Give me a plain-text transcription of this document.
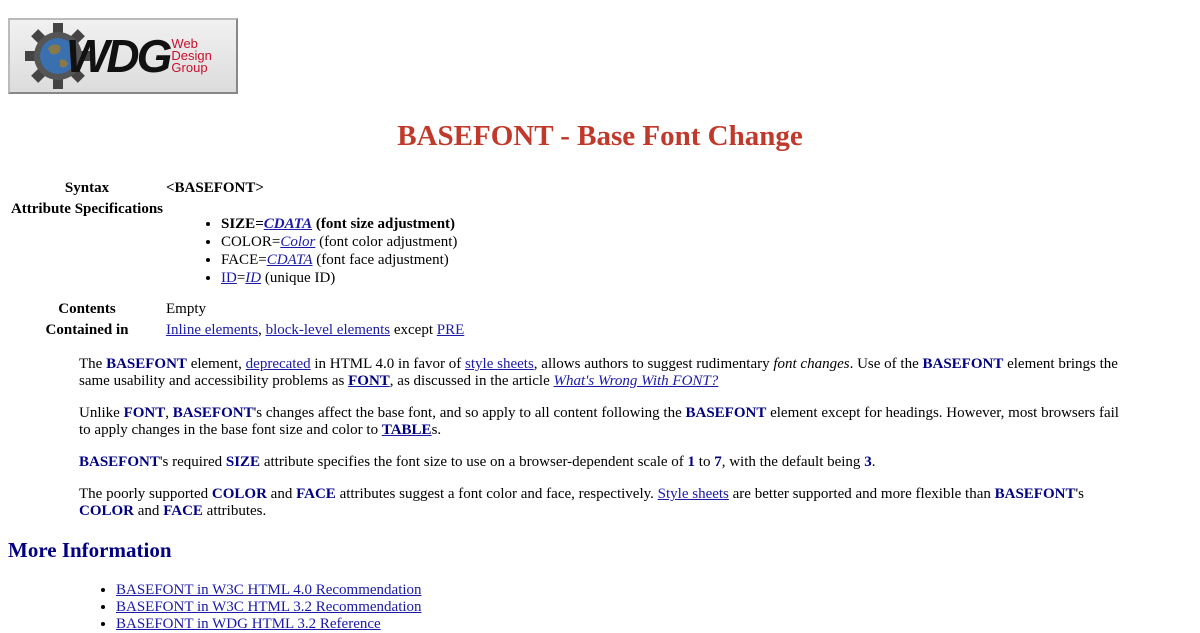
WDG Web
Design
Group
BASEFONT - Base Font Change
Syntax	<BASEFONT>
Attribute Specifications
• SIZE=CDATA (font size adjustment)
• COLOR=Color (font color adjustment)
• FACE=CDATA (font face adjustment)
• ID=ID (unique ID)
Contents	Empty
Contained in	Inline elements, block-level elements except PRE

The BASEFONT element, deprecated in HTML 4.0 in favor of style sheets, allows authors to suggest rudimentary font changes. Use of the BASEFONT element brings the same usability and accessibility problems as FONT, as discussed in the article What's Wrong With FONT?

Unlike FONT, BASEFONT's changes affect the base font, and so apply to all content following the BASEFONT element except for headings. However, most browsers fail to apply changes in the base font size and color to TABLEs.

BASEFONT's required SIZE attribute specifies the font size to use on a browser-dependent scale of 1 to 7, with the default being 3.

The poorly supported COLOR and FACE attributes suggest a font color and face, respectively. Style sheets are better supported and more flexible than BASEFONT's COLOR and FACE attributes.

More Information
• BASEFONT in W3C HTML 4.0 Recommendation
• BASEFONT in W3C HTML 3.2 Recommendation
• BASEFONT in WDG HTML 3.2 Reference
